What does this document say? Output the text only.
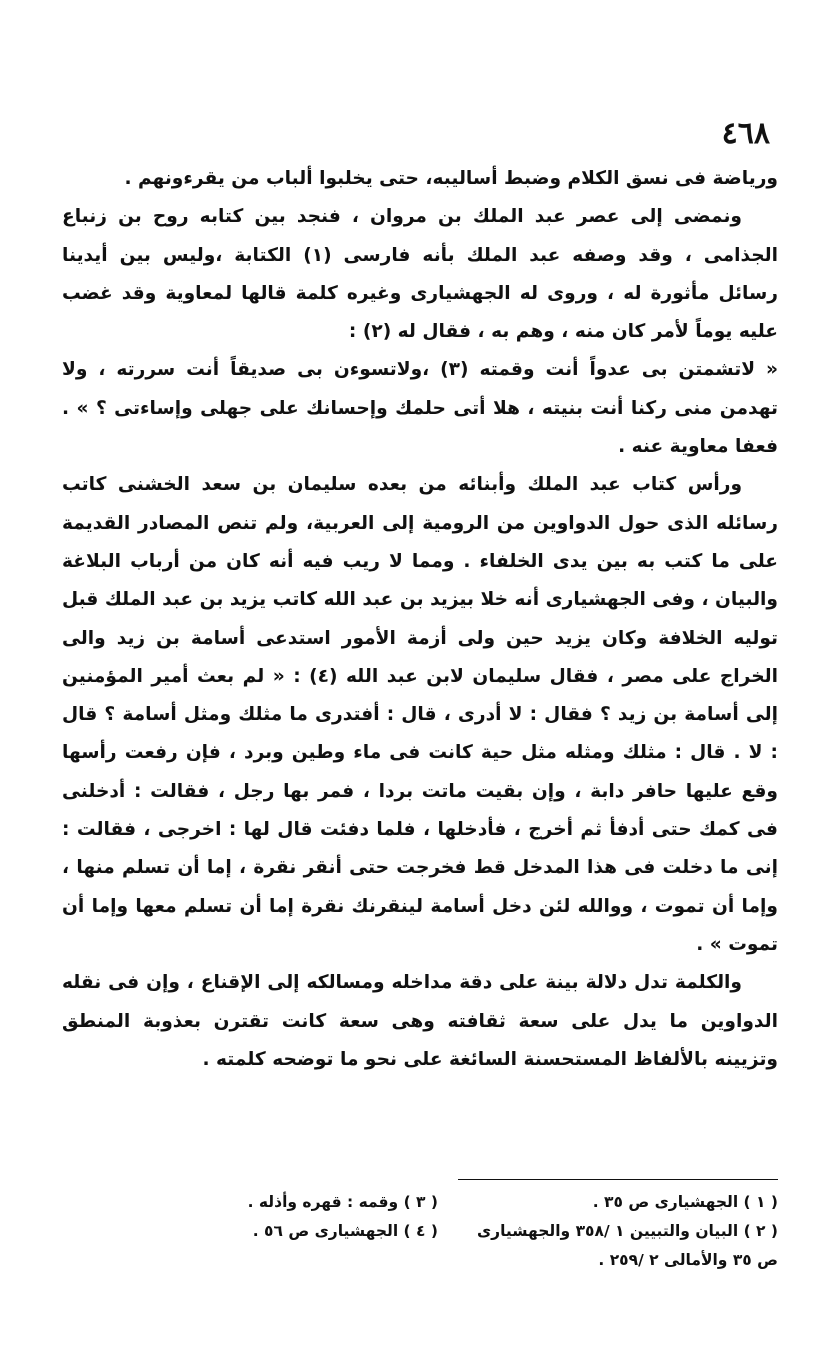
٤٦٨

ورياضة فى نسق الكلام وضبط أساليبه، حتى يخلبوا ألباب من يقرءونهم .

ونمضى إلى عصر عبد الملك بن مروان ، فنجد بين كتابه روح بن زنباع الجذامى ، وقد وصفه عبد الملك بأنه فارسى (١) الكتابة ،وليس بين أيدينا رسائل مأثورة له ، وروى له الجهشيارى وغيره كلمة قالها لمعاوية وقد غضب عليه يوماً لأمر كان منه ، وهم به ، فقال له (٢) :

« لاتشمتن بى عدواً أنت وقمته (٣) ،ولاتسوءن بى صديقاً أنت سررته ، ولا تهدمن منى ركنا أنت بنيته ، هلا أتى حلمك وإحسانك على جهلى وإساءتى ؟ » . فعفا معاوية عنه .

ورأس كتاب عبد الملك وأبنائه من بعده سليمان بن سعد الخشنى كاتب رسائله الذى حول الدواوين من الرومية إلى العربية، ولم تنص المصادر القديمة على ما كتب به بين يدى الخلفاء . ومما لا ريب فيه أنه كان من أرباب البلاغة والبيان ، وفى الجهشيارى أنه خلا بيزيد بن عبد الله كاتب يزيد بن عبد الملك قبل توليه الخلافة وكان يزيد حين ولى أزمة الأمور استدعى أسامة بن زيد والى الخراج على مصر ، فقال سليمان لابن عبد الله (٤) : « لم بعث أمير المؤمنين إلى أسامة بن زيد ؟ فقال : لا أدرى ، قال : أفتدرى ما مثلك ومثل أسامة ؟ قال : لا . قال : مثلك ومثله مثل حية كانت فى ماء وطين وبرد ، فإن رفعت رأسها وقع عليها حافر دابة ، وإن بقيت ماتت بردا ، فمر بها رجل ، فقالت : أدخلنى فى كمك حتى أدفأ ثم أخرج ، فأدخلها ، فلما دفئت قال لها : اخرجى ، فقالت : إنى ما دخلت فى هذا المدخل قط فخرجت حتى أنقر نقرة ، إما أن تسلم منها ، وإما أن تموت ، ووالله لئن دخل أسامة لينقرنك نقرة إما أن تسلم معها وإما أن تموت » .

والكلمة تدل دلالة بينة على دقة مداخله ومسالكه إلى الإقناع ، وإن فى نقله الدواوين ما يدل على سعة ثقافته وهى سعة كانت تقترن بعذوبة المنطق وتزيينه بالألفاظ المستحسنة السائغة على نحو ما توضحه كلمته .

( ١ ) الجهشيارى ص ٣٥ .
( ٣ ) وقمه : قهره وأذله .
( ٢ ) البيان والتبيين ١ /٣٥٨ والجهشيارى
( ٤ ) الجهشيارى ص ٥٦ .
ص ٣٥ والأمالى ٢ /٢٥٩ .
